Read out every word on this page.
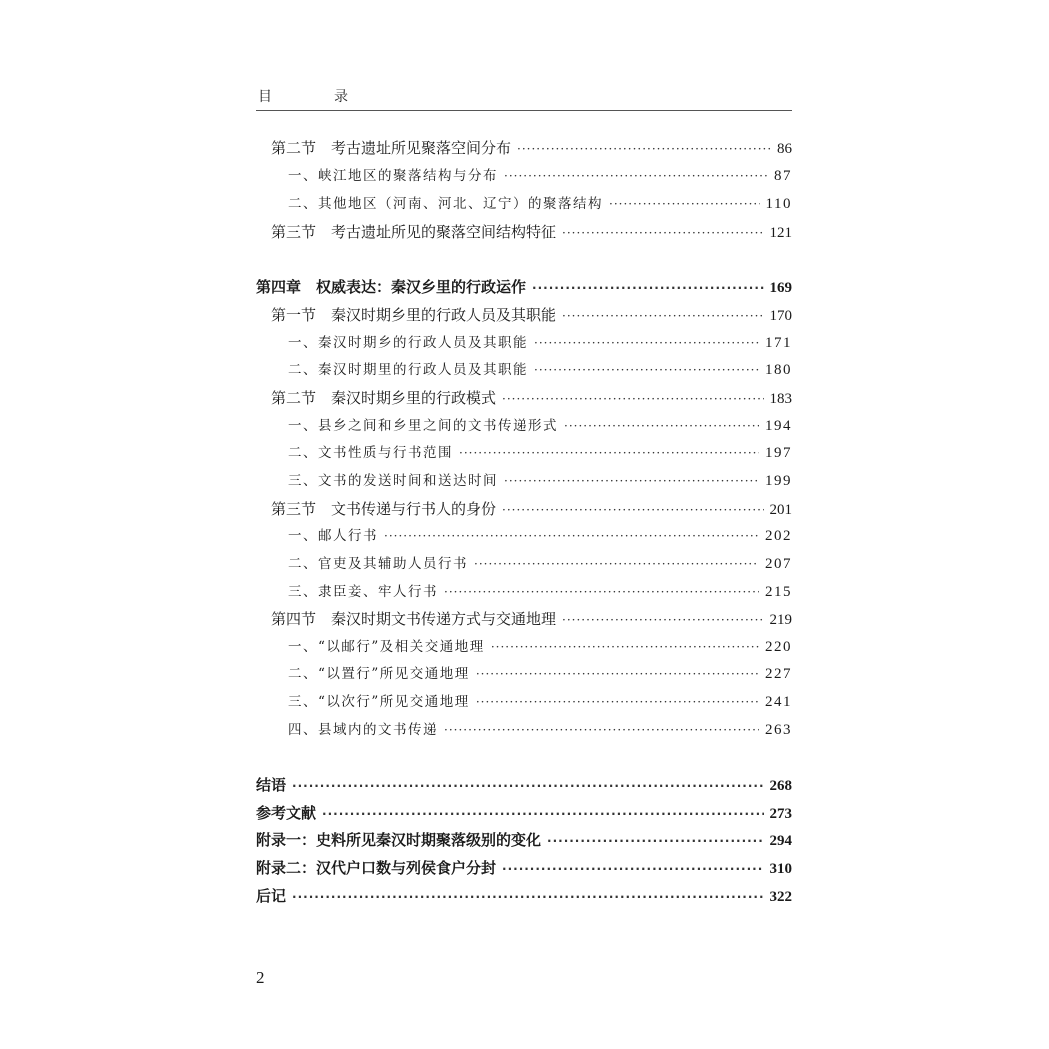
目　录
第二节　考古遗址所见聚落空间分布 ·····	86
一、峡江地区的聚落结构与分布 ·····	87
二、其他地区（河南、河北、辽宁）的聚落结构 ·····	110
第三节　考古遗址所见的聚落空间结构特征 ·····	121
第四章　权威表达：秦汉乡里的行政运作 ·····	169
第一节　秦汉时期乡里的行政人员及其职能 ·····	170
一、秦汉时期乡的行政人员及其职能 ·····	171
二、秦汉时期里的行政人员及其职能 ·····	180
第二节　秦汉时期乡里的行政模式 ·····	183
一、县乡之间和乡里之间的文书传递形式 ·····	194
二、文书性质与行书范围 ·····	197
三、文书的发送时间和送达时间 ·····	199
第三节　文书传递与行书人的身份 ·····	201
一、邮人行书 ·····	202
二、官吏及其辅助人员行书 ·····	207
三、隶臣妾、牢人行书 ·····	215
第四节　秦汉时期文书传递方式与交通地理 ·····	219
一、“以邮行”及相关交通地理 ·····	220
二、“以置行”所见交通地理 ·····	227
三、“以次行”所见交通地理 ·····	241
四、县域内的文书传递 ·····	263
结语 ·····	268
参考文献 ·····	273
附录一：史料所见秦汉时期聚落级别的变化 ·····	294
附录二：汉代户口数与列侯食户分封 ·····	310
后记 ·····	322
2
